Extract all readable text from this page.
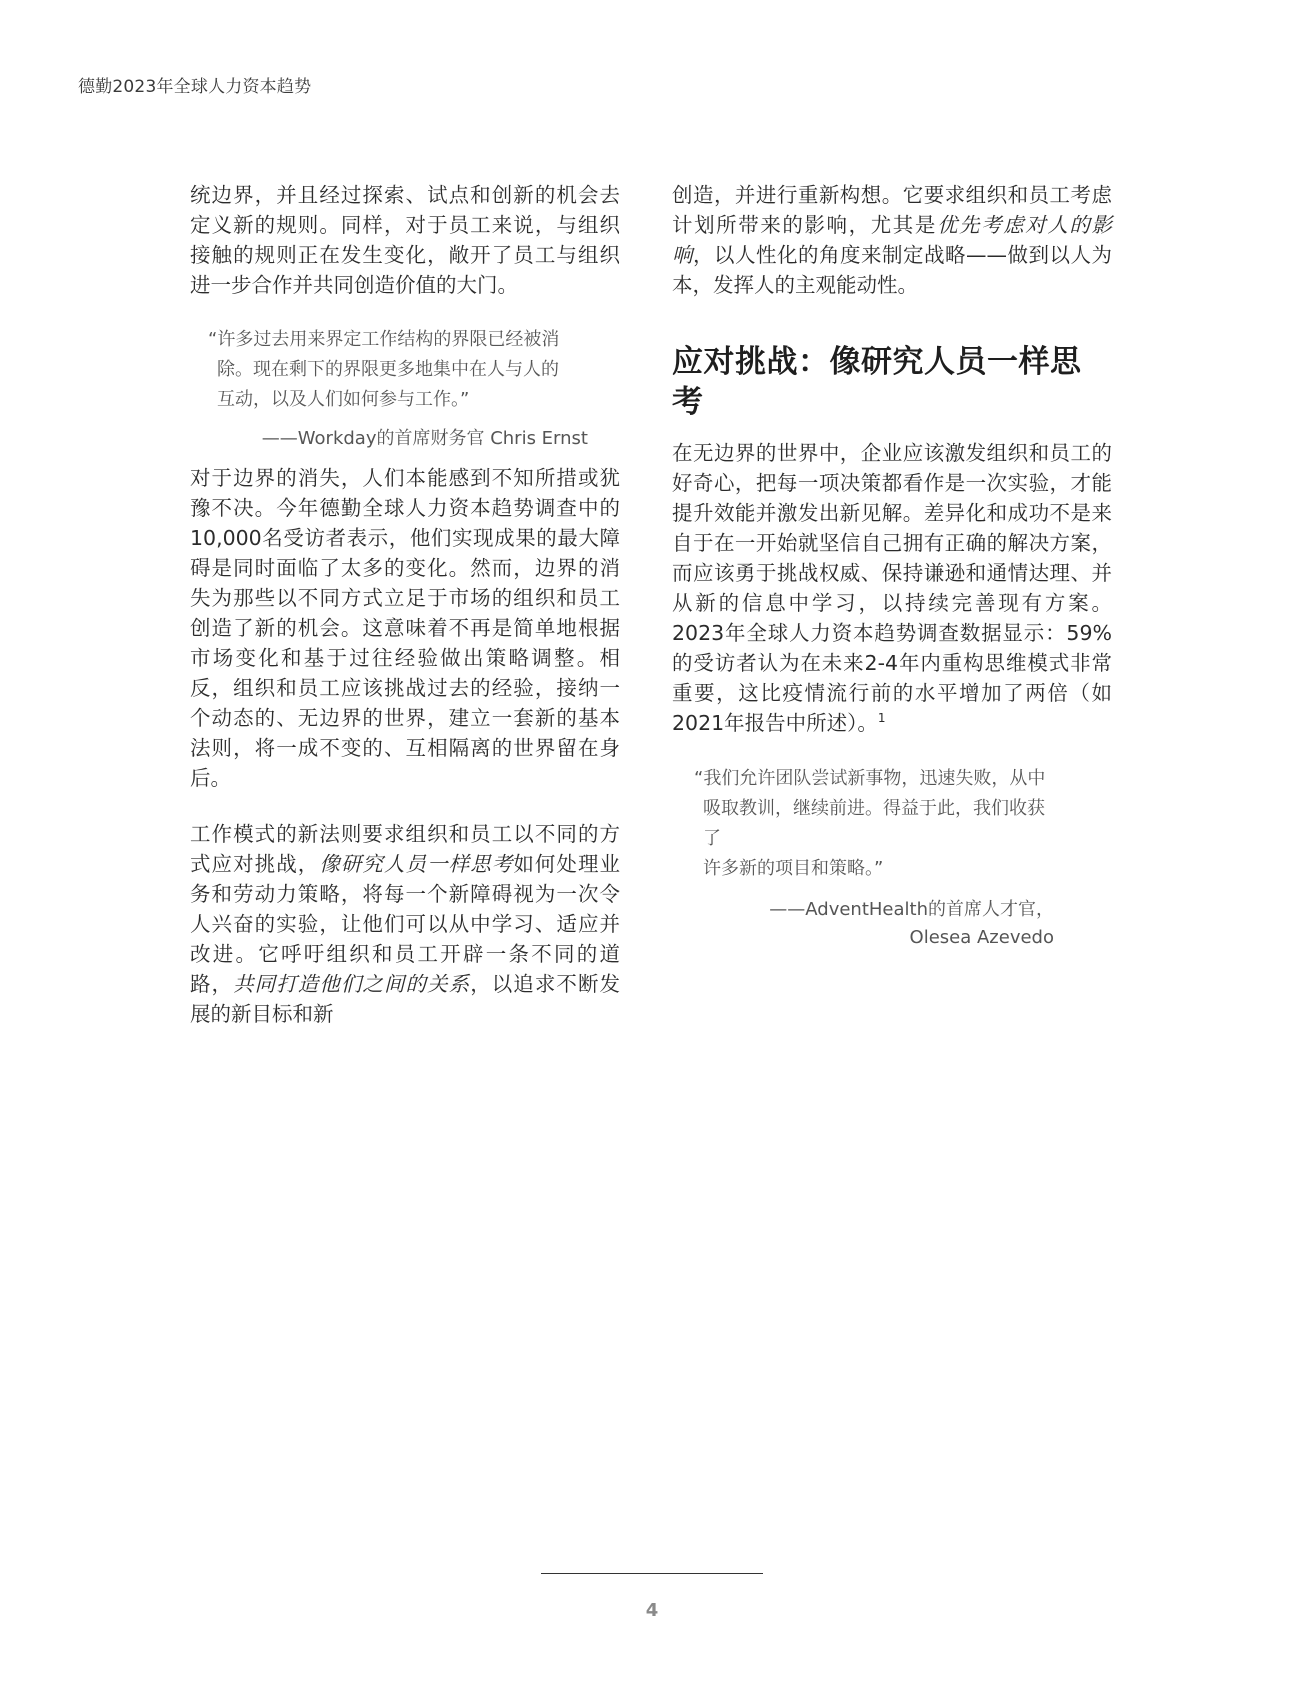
德勤2023年全球人力资本趋势

统边界，并且经过探索、试点和创新的机会去定义新的规则。同样，对于员工来说，与组织接触的规则正在发生变化，敞开了员工与组织进一步合作并共同创造价值的大门。

“许多过去用来界定工作结构的界限已经被消
除。现在剩下的界限更多地集中在人与人的
互动，以及人们如何参与工作。”

——Workday的首席财务官 Chris Ernst

对于边界的消失，人们本能感到不知所措或犹豫不决。今年德勤全球人力资本趋势调查中的10,000名受访者表示，他们实现成果的最大障碍是同时面临了太多的变化。然而，边界的消失为那些以不同方式立足于市场的组织和员工创造了新的机会。这意味着不再是简单地根据市场变化和基于过往经验做出策略调整。相反，组织和员工应该挑战过去的经验，接纳一个动态的、无边界的世界，建立一套新的基本法则，将一成不变的、互相隔离的世界留在身后。

工作模式的新法则要求组织和员工以不同的方式应对挑战，像研究人员一样思考如何处理业务和劳动力策略，将每一个新障碍视为一次令人兴奋的实验，让他们可以从中学习、适应并改进。它呼吁组织和员工开辟一条不同的道路，共同打造他们之间的关系，以追求不断发展的新目标和新

创造，并进行重新构想。它要求组织和员工考虑计划所带来的影响，尤其是优先考虑对人的影响，以人性化的角度来制定战略——做到以人为本，发挥人的主观能动性。

应对挑战：像研究人员一样思考

在无边界的世界中，企业应该激发组织和员工的好奇心，把每一项决策都看作是一次实验，才能提升效能并激发出新见解。差异化和成功不是来自于在一开始就坚信自己拥有正确的解决方案，而应该勇于挑战权威、保持谦逊和通情达理、并从新的信息中学习，以持续完善现有方案。2023年全球人力资本趋势调查数据显示：59%的受访者认为在未来2-4年内重构思维模式非常重要，这比疫情流行前的水平增加了两倍（如2021年报告中所述）。$^1$

“我们允许团队尝试新事物，迅速失败，从中
吸取教训，继续前进。得益于此，我们收获了
许多新的项目和策略。”

——AdventHealth的首席人才官，
Olesea Azevedo

4
